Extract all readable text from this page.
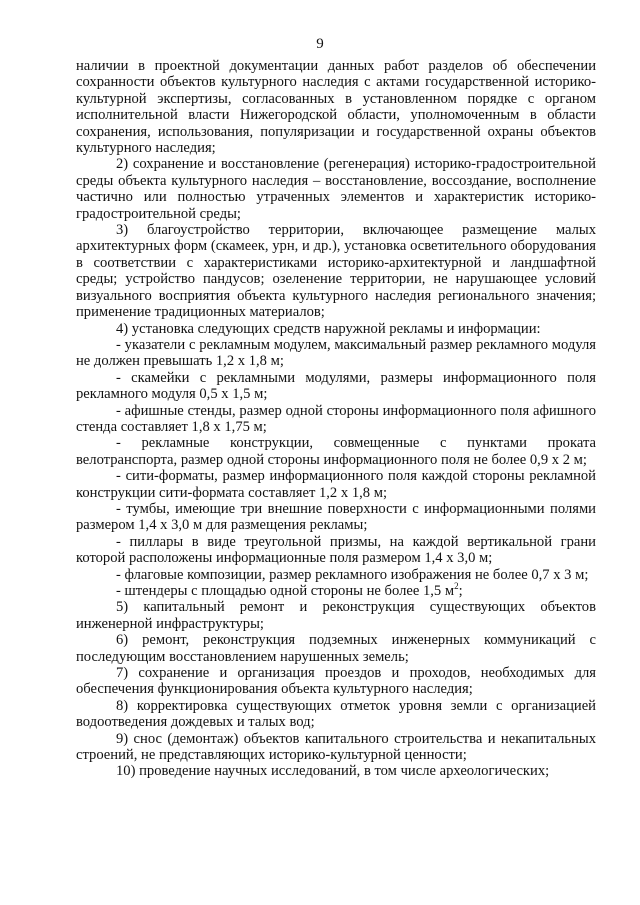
9

наличии в проектной документации данных работ разделов об обеспечении сохранности объектов культурного наследия с актами государственной историко-культурной экспертизы, согласованных в установленном порядке с органом исполнительной власти Нижегородской области, уполномоченным в области сохранения, использования, популяризации и государственной охраны объектов культурного наследия;

2) сохранение и восстановление (регенерация) историко-градостроительной среды объекта культурного наследия – восстановление, воссоздание, восполнение частично или полностью утраченных элементов и характеристик историко-градостроительной среды;

3) благоустройство территории, включающее размещение малых архитектурных форм (скамеек, урн, и др.), установка осветительного оборудования в соответствии с характеристиками историко-архитектурной и ландшафтной среды; устройство пандусов; озеленение территории, не нарушающее условий визуального восприятия объекта культурного наследия регионального значения; применение традиционных материалов;

4) установка следующих средств наружной рекламы и информации:

- указатели с рекламным модулем, максимальный размер рекламного модуля не должен превышать 1,2 х 1,8 м;

- скамейки с рекламными модулями, размеры информационного поля рекламного модуля 0,5 х 1,5 м;

- афишные стенды, размер одной стороны информационного поля афишного стенда составляет 1,8 х 1,75 м;

- рекламные конструкции, совмещенные с пунктами проката велотранспорта, размер одной стороны информационного поля не более 0,9 х 2 м;

- сити-форматы, размер информационного поля каждой стороны рекламной конструкции сити-формата составляет 1,2 х 1,8 м;

- тумбы, имеющие три внешние поверхности с информационными полями размером 1,4 х 3,0 м для размещения рекламы;

- пиллары в виде треугольной призмы, на каждой вертикальной грани которой расположены информационные поля размером 1,4 х 3,0 м;

- флаговые композиции, размер рекламного изображения не более 0,7 х 3 м;

- штендеры с площадью одной стороны не более 1,5 $м^2$;

5) капитальный ремонт и реконструкция существующих объектов инженерной инфраструктуры;

6) ремонт, реконструкция подземных инженерных коммуникаций с последующим восстановлением нарушенных земель;

7) сохранение и организация проездов и проходов, необходимых для обеспечения функционирования объекта культурного наследия;

8) корректировка существующих отметок уровня земли с организацией водоотведения дождевых и талых вод;

9) снос (демонтаж) объектов капитального строительства и некапитальных строений, не представляющих историко-культурной ценности;

10) проведение научных исследований, в том числе археологических;
